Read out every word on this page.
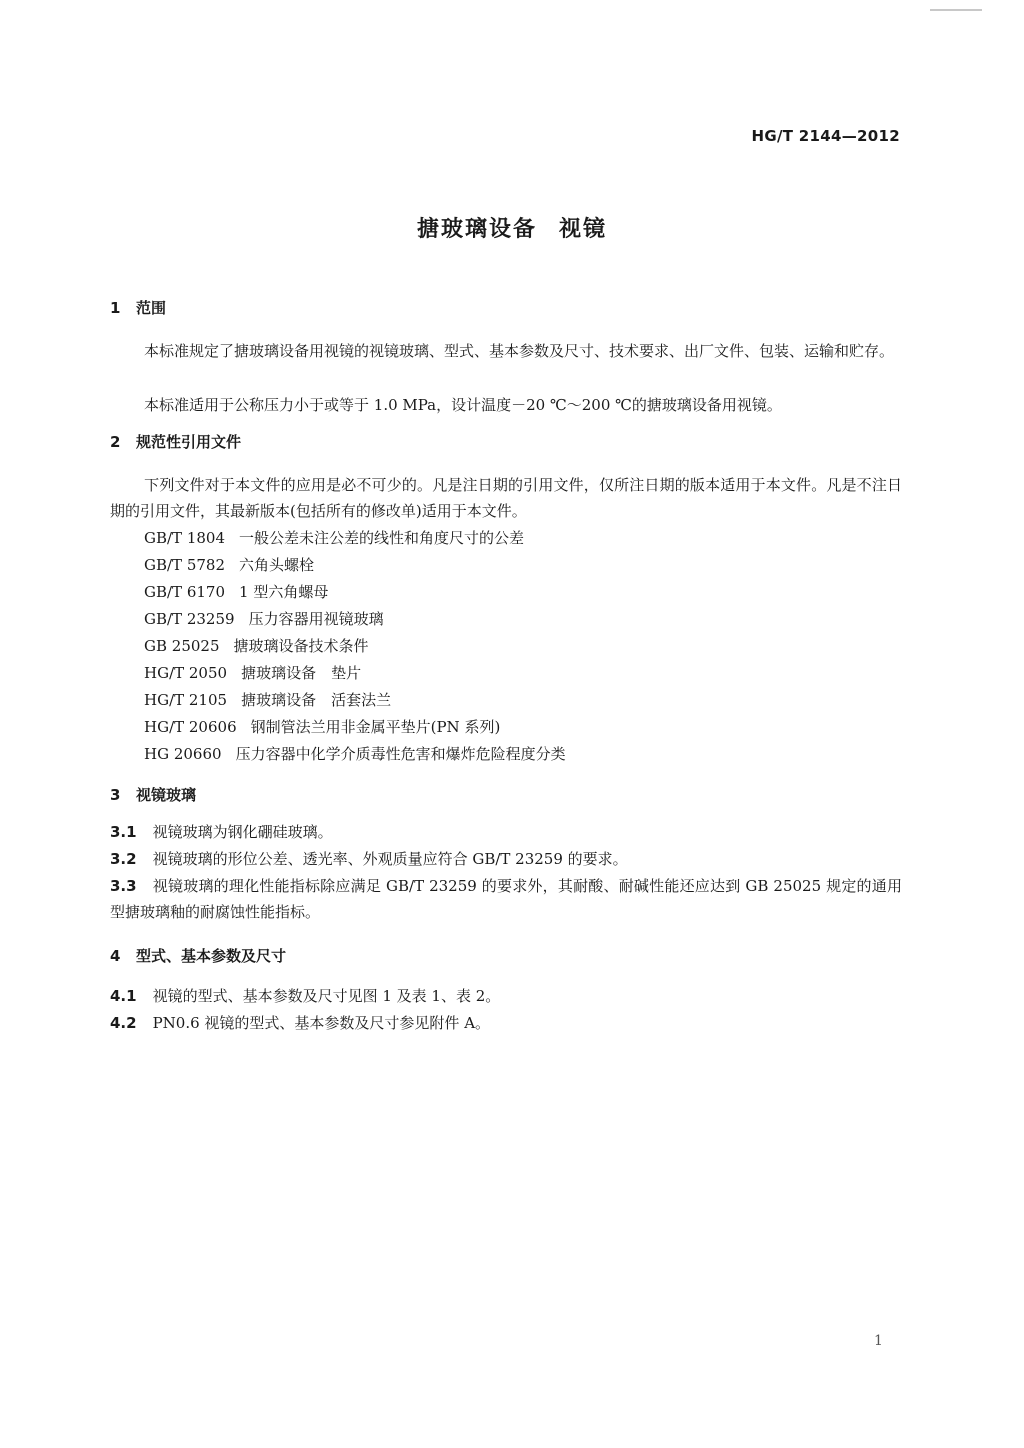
HG/T 2144—2012
搪玻璃设备 视镜
1 范围
本标准规定了搪玻璃设备用视镜的视镜玻璃、型式、基本参数及尺寸、技术要求、出厂文件、包装、运输和贮存。
本标准适用于公称压力小于或等于 1.0 MPa，设计温度－20 ℃～200 ℃的搪玻璃设备用视镜。
2 规范性引用文件
下列文件对于本文件的应用是必不可少的。凡是注日期的引用文件，仅所注日期的版本适用于本文件。凡是不注日期的引用文件，其最新版本(包括所有的修改单)适用于本文件。
GB/T 1804 一般公差未注公差的线性和角度尺寸的公差
GB/T 5782 六角头螺栓
GB/T 6170 1 型六角螺母
GB/T 23259 压力容器用视镜玻璃
GB 25025 搪玻璃设备技术条件
HG/T 2050 搪玻璃设备　垫片
HG/T 2105 搪玻璃设备　活套法兰
HG/T 20606 钢制管法兰用非金属平垫片(PN 系列)
HG 20660 压力容器中化学介质毒性危害和爆炸危险程度分类
3 视镜玻璃
3.1 视镜玻璃为钢化硼硅玻璃。
3.2 视镜玻璃的形位公差、透光率、外观质量应符合 GB/T 23259 的要求。
3.3 视镜玻璃的理化性能指标除应满足 GB/T 23259 的要求外，其耐酸、耐碱性能还应达到 GB 25025 规定的通用型搪玻璃釉的耐腐蚀性能指标。
4 型式、基本参数及尺寸
4.1 视镜的型式、基本参数及尺寸见图 1 及表 1、表 2。
4.2 PN0.6 视镜的型式、基本参数及尺寸参见附件 A。
1
